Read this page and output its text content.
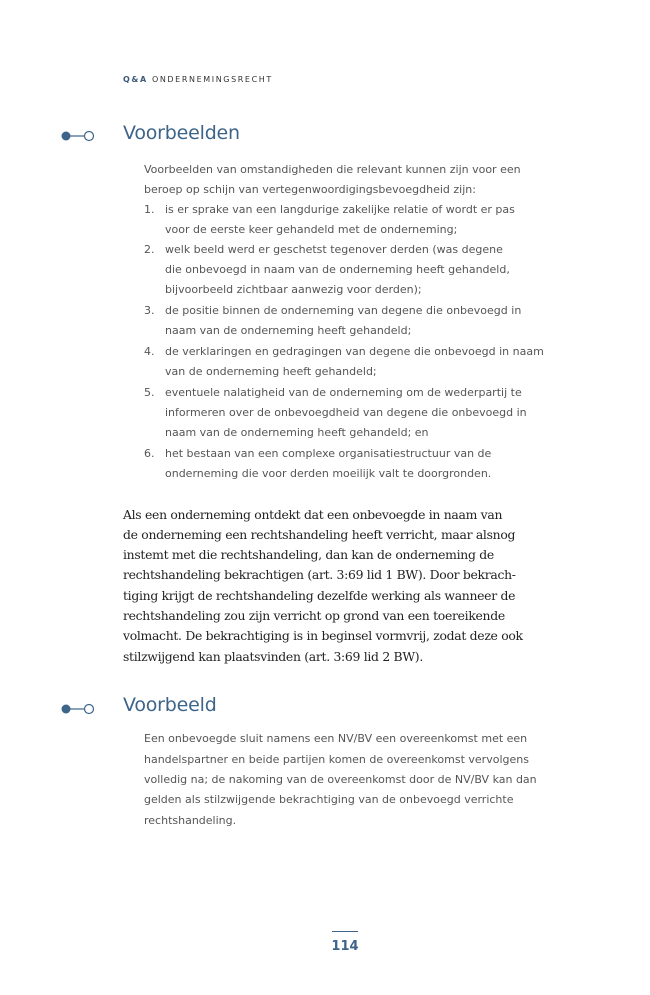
Q&A ONDERNEMINGSRECHT
Voorbeelden
Voorbeelden van omstandigheden die relevant kunnen zijn voor een
beroep op schijn van vertegenwoordigingsbevoegdheid zijn:
1. is er sprake van een langdurige zakelijke relatie of wordt er pas
voor de eerste keer gehandeld met de onderneming;
2. welk beeld werd er geschetst tegenover derden (was degene
die onbevoegd in naam van de onderneming heeft gehandeld,
bijvoorbeeld zichtbaar aanwezig voor derden);
3. de positie binnen de onderneming van degene die onbevoegd in
naam van de onderneming heeft gehandeld;
4. de verklaringen en gedragingen van degene die onbevoegd in naam
van de onderneming heeft gehandeld;
5. eventuele nalatigheid van de onderneming om de wederpartij te
informeren over de onbevoegdheid van degene die onbevoegd in
naam van de onderneming heeft gehandeld; en
6. het bestaan van een complexe organisatiestructuur van de
onderneming die voor derden moeilijk valt te doorgronden.
Als een onderneming ontdekt dat een onbevoegde in naam van
de onderneming een rechtshandeling heeft verricht, maar alsnog
instemt met die rechtshandeling, dan kan de onderneming de
rechtshandeling bekrachtigen (art. 3:69 lid 1 BW). Door bekrach-
tiging krijgt de rechtshandeling dezelfde werking als wanneer de
rechtshandeling zou zijn verricht op grond van een toereikende
volmacht. De bekrachtiging is in beginsel vormvrij, zodat deze ook
stilzwijgend kan plaatsvinden (art. 3:69 lid 2 BW).
Voorbeeld
Een onbevoegde sluit namens een NV/BV een overeenkomst met een
handelspartner en beide partijen komen de overeenkomst vervolgens
volledig na; de nakoming van de overeenkomst door de NV/BV kan dan
gelden als stilzwijgende bekrachtiging van de onbevoegd verrichte
rechtshandeling.
114
